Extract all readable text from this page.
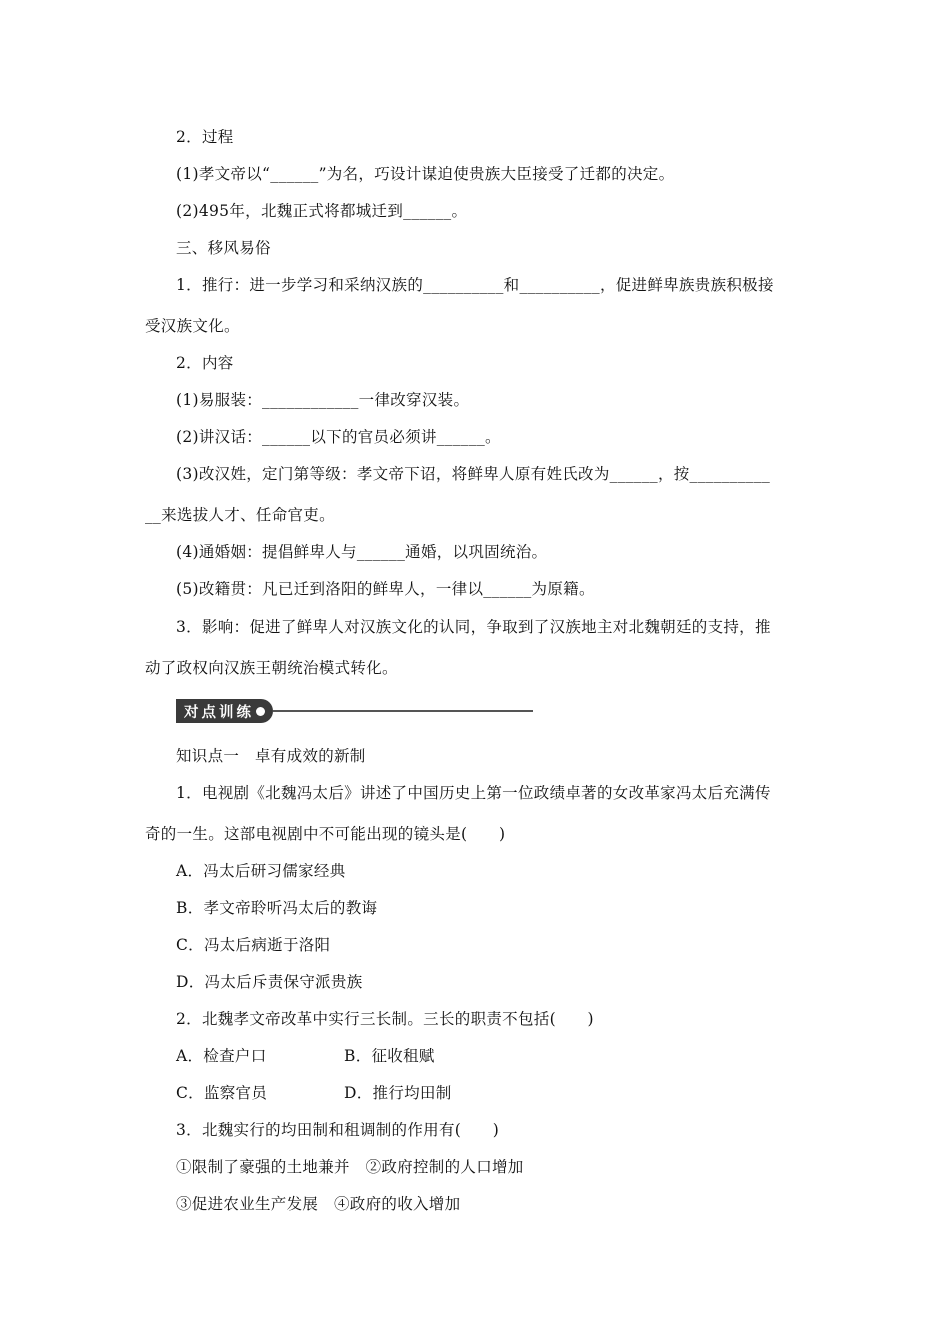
2．过程
(1)孝文帝以“______”为名，巧设计谋迫使贵族大臣接受了迁都的决定。
(2)495年，北魏正式将都城迁到______。
三、移风易俗
1．推行：进一步学习和采纳汉族的__________和__________，促进鲜卑族贵族积极接
受汉族文化。
2．内容
(1)易服装：____________一律改穿汉装。
(2)讲汉话：______以下的官员必须讲______。
(3)改汉姓，定门第等级：孝文帝下诏，将鲜卑人原有姓氏改为______，按__________
__来选拔人才、任命官吏。
(4)通婚姻：提倡鲜卑人与______通婚，以巩固统治。
(5)改籍贯：凡已迁到洛阳的鲜卑人，一律以______为原籍。
3．影响：促进了鲜卑人对汉族文化的认同，争取到了汉族地主对北魏朝廷的支持，推
动了政权向汉族王朝统治模式转化。
对点训练
知识点一　卓有成效的新制
1．电视剧《北魏冯太后》讲述了中国历史上第一位政绩卓著的女改革家冯太后充满传
奇的一生。这部电视剧中不可能出现的镜头是(　　)
A．冯太后研习儒家经典
B．孝文帝聆听冯太后的教诲
C．冯太后病逝于洛阳
D．冯太后斥责保守派贵族
2．北魏孝文帝改革中实行三长制。三长的职责不包括(　　)
A．检查户口	B．征收租赋
C．监察官员	D．推行均田制
3．北魏实行的均田制和租调制的作用有(　　)
①限制了豪强的土地兼并　②政府控制的人口增加
③促进农业生产发展　④政府的收入增加
